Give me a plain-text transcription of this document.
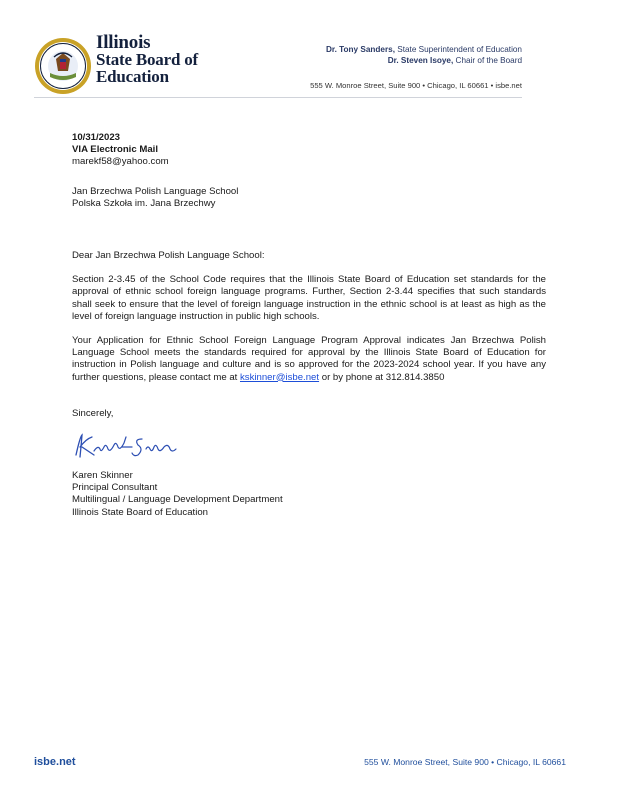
Illinois
State Board of
Education
Dr. Tony Sanders, State Superintendent of Education
Dr. Steven Isoye, Chair of the Board
555 W. Monroe Street, Suite 900 • Chicago, IL 60661 • isbe.net
10/31/2023
VIA Electronic Mail
marekf58@yahoo.com
Jan Brzechwa Polish Language School
Polska Szkoła im. Jana Brzechwy

Dear Jan Brzechwa Polish Language School:

Section 2-3.45 of the School Code requires that the Illinois State Board of Education set standards for the approval of ethnic school foreign language programs. Further, Section 2-3.44 specifies that such standards shall seek to ensure that the level of foreign language instruction in the ethnic school is at least as high as the level of foreign language instruction in public high schools.

Your Application for Ethnic School Foreign Language Program Approval indicates Jan Brzechwa Polish Language School meets the standards required for approval by the Illinois State Board of Education for instruction in Polish language and culture and is so approved for the 2023-2024 school year. If you have any further questions, please contact me at kskinner@isbe.net or by phone at 312.814.3850

Sincerely,

Karen Skinner
Principal Consultant
Multilingual / Language Development Department
Illinois State Board of Education
isbe.net	555 W. Monroe Street, Suite 900 • Chicago, IL 60661
